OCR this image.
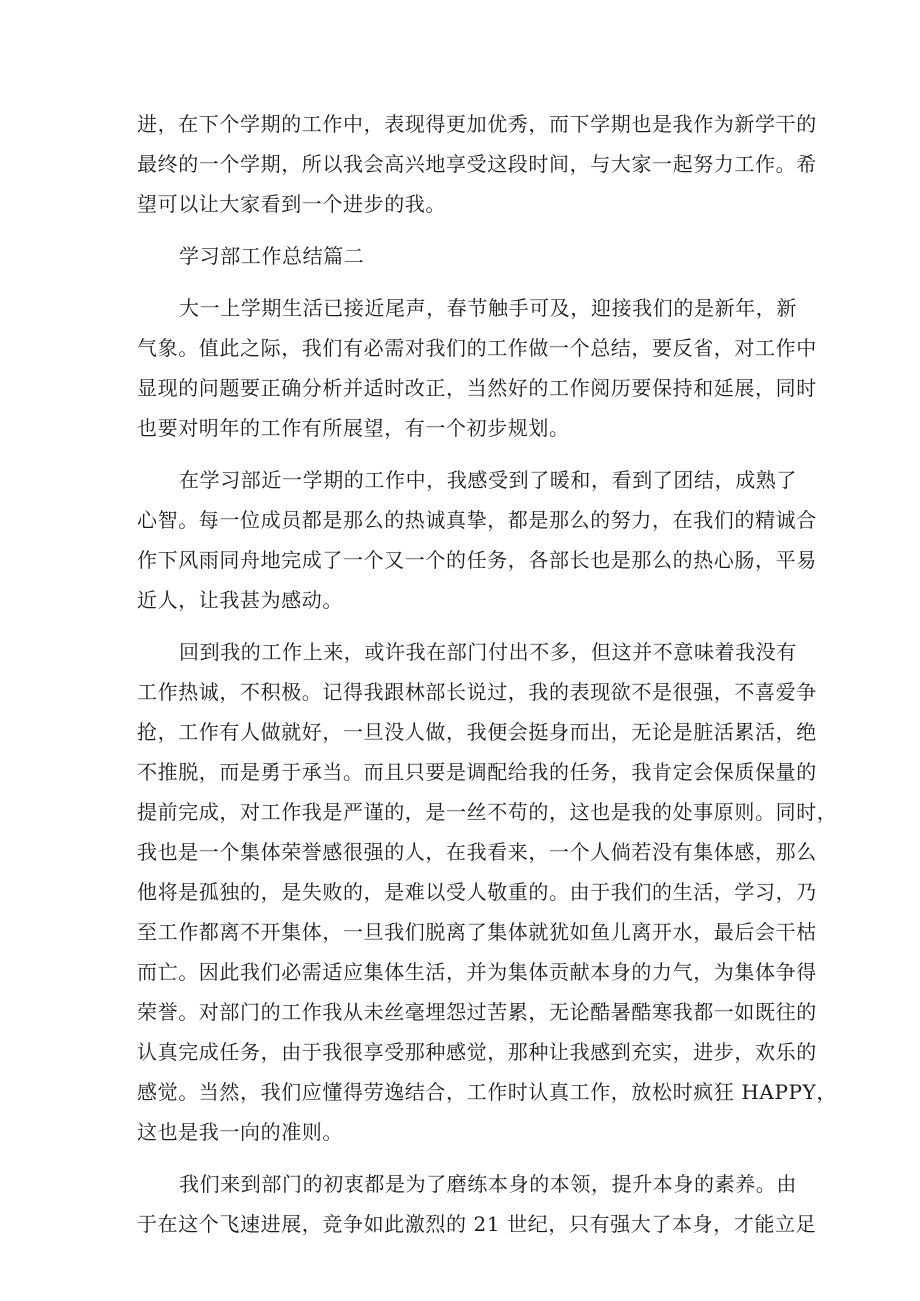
进，在下个学期的工作中，表现得更加优秀，而下学期也是我作为新学干的
最终的一个学期，所以我会高兴地享受这段时间，与大家一起努力工作。希
望可以让大家看到一个进步的我。
学习部工作总结篇二
大一上学期生活已接近尾声，春节触手可及，迎接我们的是新年，新
气象。值此之际，我们有必需对我们的工作做一个总结，要反省，对工作中
显现的问题要正确分析并适时改正，当然好的工作阅历要保持和延展，同时
也要对明年的工作有所展望，有一个初步规划。
在学习部近一学期的工作中，我感受到了暖和，看到了团结，成熟了
心智。每一位成员都是那么的热诚真挚，都是那么的努力，在我们的精诚合
作下风雨同舟地完成了一个又一个的任务，各部长也是那么的热心肠，平易
近人，让我甚为感动。
回到我的工作上来，或许我在部门付出不多，但这并不意味着我没有
工作热诚，不积极。记得我跟林部长说过，我的表现欲不是很强，不喜爱争
抢，工作有人做就好，一旦没人做，我便会挺身而出，无论是脏活累活，绝
不推脱，而是勇于承当。而且只要是调配给我的任务，我肯定会保质保量的
提前完成，对工作我是严谨的，是一丝不苟的，这也是我的处事原则。同时，
我也是一个集体荣誉感很强的人，在我看来，一个人倘若没有集体感，那么
他将是孤独的，是失败的，是难以受人敬重的。由于我们的生活，学习，乃
至工作都离不开集体，一旦我们脱离了集体就犹如鱼儿离开水，最后会干枯
而亡。因此我们必需适应集体生活，并为集体贡献本身的力气，为集体争得
荣誉。对部门的工作我从未丝毫埋怨过苦累，无论酷暑酷寒我都一如既往的
认真完成任务，由于我很享受那种感觉，那种让我感到充实，进步，欢乐的
感觉。当然，我们应懂得劳逸结合，工作时认真工作，放松时疯狂 HAPPY，
这也是我一向的准则。
我们来到部门的初衷都是为了磨练本身的本领，提升本身的素养。由
于在这个飞速进展，竞争如此激烈的 21 世纪，只有强大了本身，才能立足
